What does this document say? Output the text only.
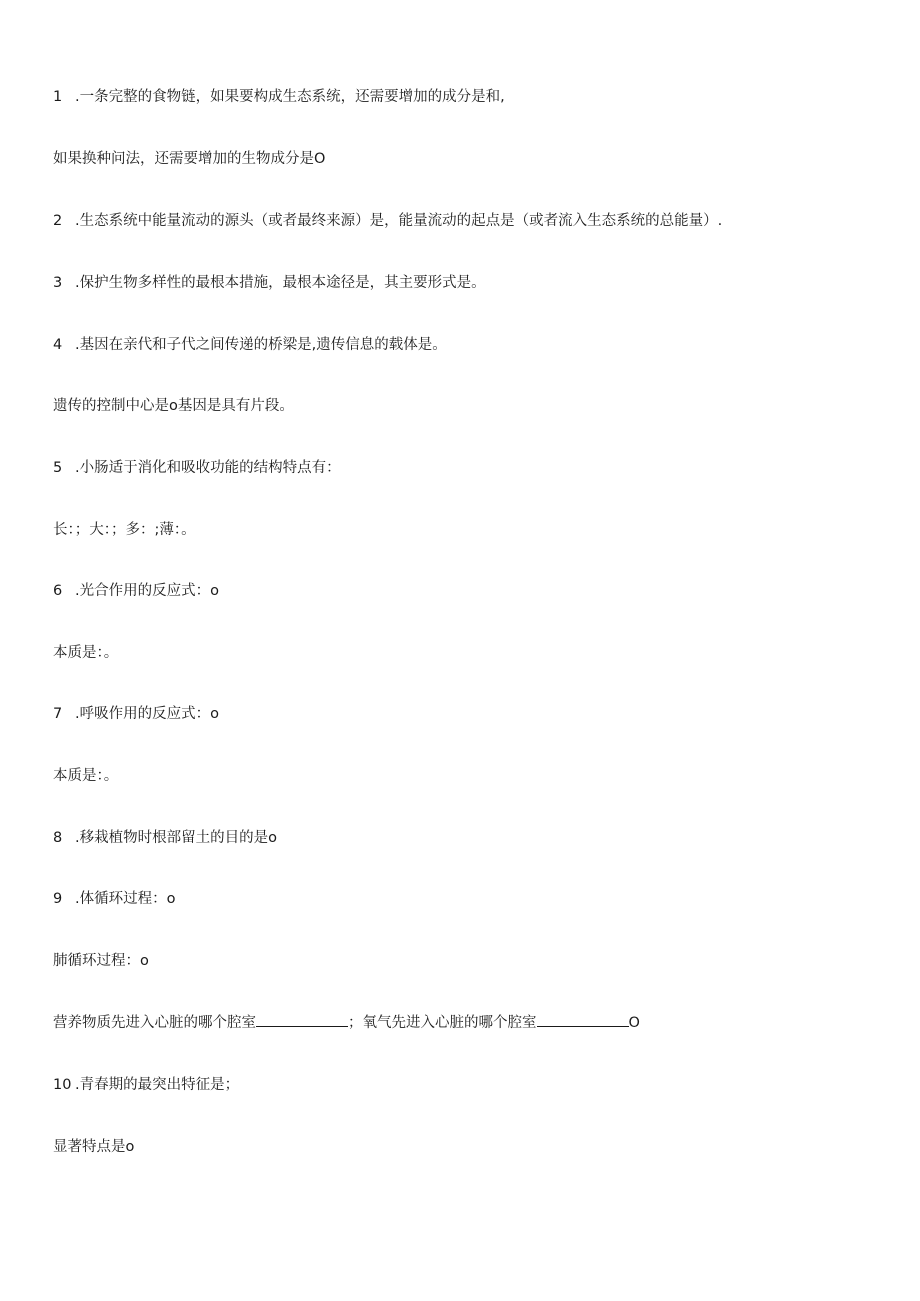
1 .一条完整的食物链，如果要构成生态系统，还需要增加的成分是和,
如果换种问法，还需要增加的生物成分是O
2 .生态系统中能量流动的源头（或者最终来源）是，能量流动的起点是（或者流入生态系统的总能量）.
3 .保护生物多样性的最根本措施，最根本途径是，其主要形式是。
4 .基因在亲代和子代之间传递的桥梁是,遗传信息的载体是。
遗传的控制中心是o基因是具有片段。
5 .小肠适于消化和吸收功能的结构特点有：
长：；大：；多：;薄：。
6 .光合作用的反应式：o
本质是：。
7 .呼吸作用的反应式：o
本质是：。
8 .移栽植物时根部留土的目的是o
9 .体循环过程：o
肺循环过程：o
营养物质先进入心脏的哪个腔室	；氧气先进入心脏的哪个腔室	O
10 .青春期的最突出特征是；
显著特点是o
